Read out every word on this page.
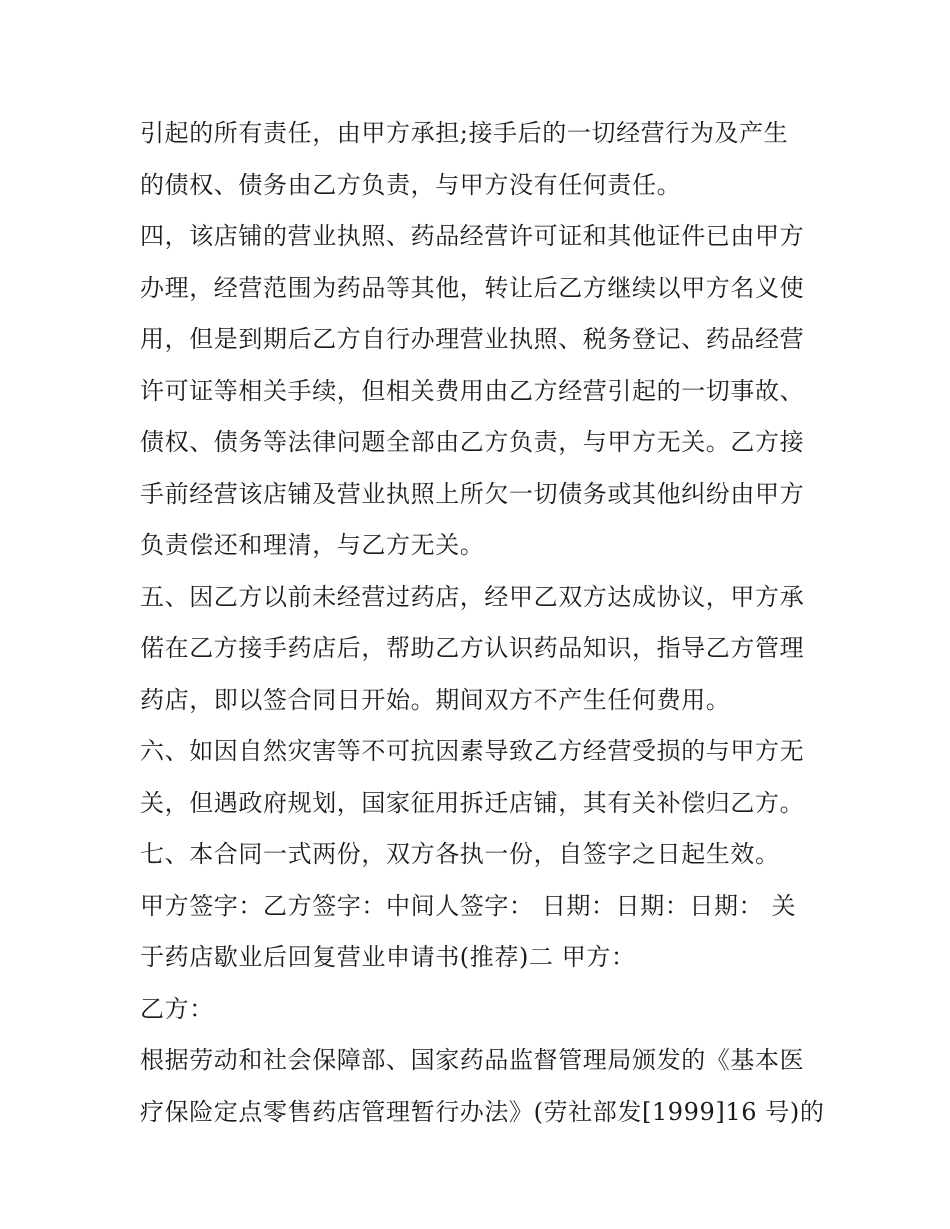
引起的所有责任，由甲方承担;接手后的一切经营行为及产生
的债权、债务由乙方负责，与甲方没有任何责任。
四，该店铺的营业执照、药品经营许可证和其他证件已由甲方
办理，经营范围为药品等其他，转让后乙方继续以甲方名义使
用，但是到期后乙方自行办理营业执照、税务登记、药品经营
许可证等相关手续，但相关费用由乙方经营引起的一切事故、
债权、债务等法律问题全部由乙方负责，与甲方无关。乙方接
手前经营该店铺及营业执照上所欠一切债务或其他纠纷由甲方
负责偿还和理清，与乙方无关。
五、因乙方以前未经营过药店，经甲乙双方达成协议，甲方承
偌在乙方接手药店后，帮助乙方认识药品知识，指导乙方管理
药店，即以签合同日开始。期间双方不产生任何费用。
六、如因自然灾害等不可抗因素导致乙方经营受损的与甲方无
关，但遇政府规划，国家征用拆迁店铺，其有关补偿归乙方。
七、本合同一式两份，双方各执一份，自签字之日起生效。
甲方签字：乙方签字：中间人签字： 日期：日期：日期： 关
于药店歇业后回复营业申请书(推荐)二 甲方：
乙方：
根据劳动和社会保障部、国家药品监督管理局颁发的《基本医
疗保险定点零售药店管理暂行办法》(劳社部发[1999]16 号)的
